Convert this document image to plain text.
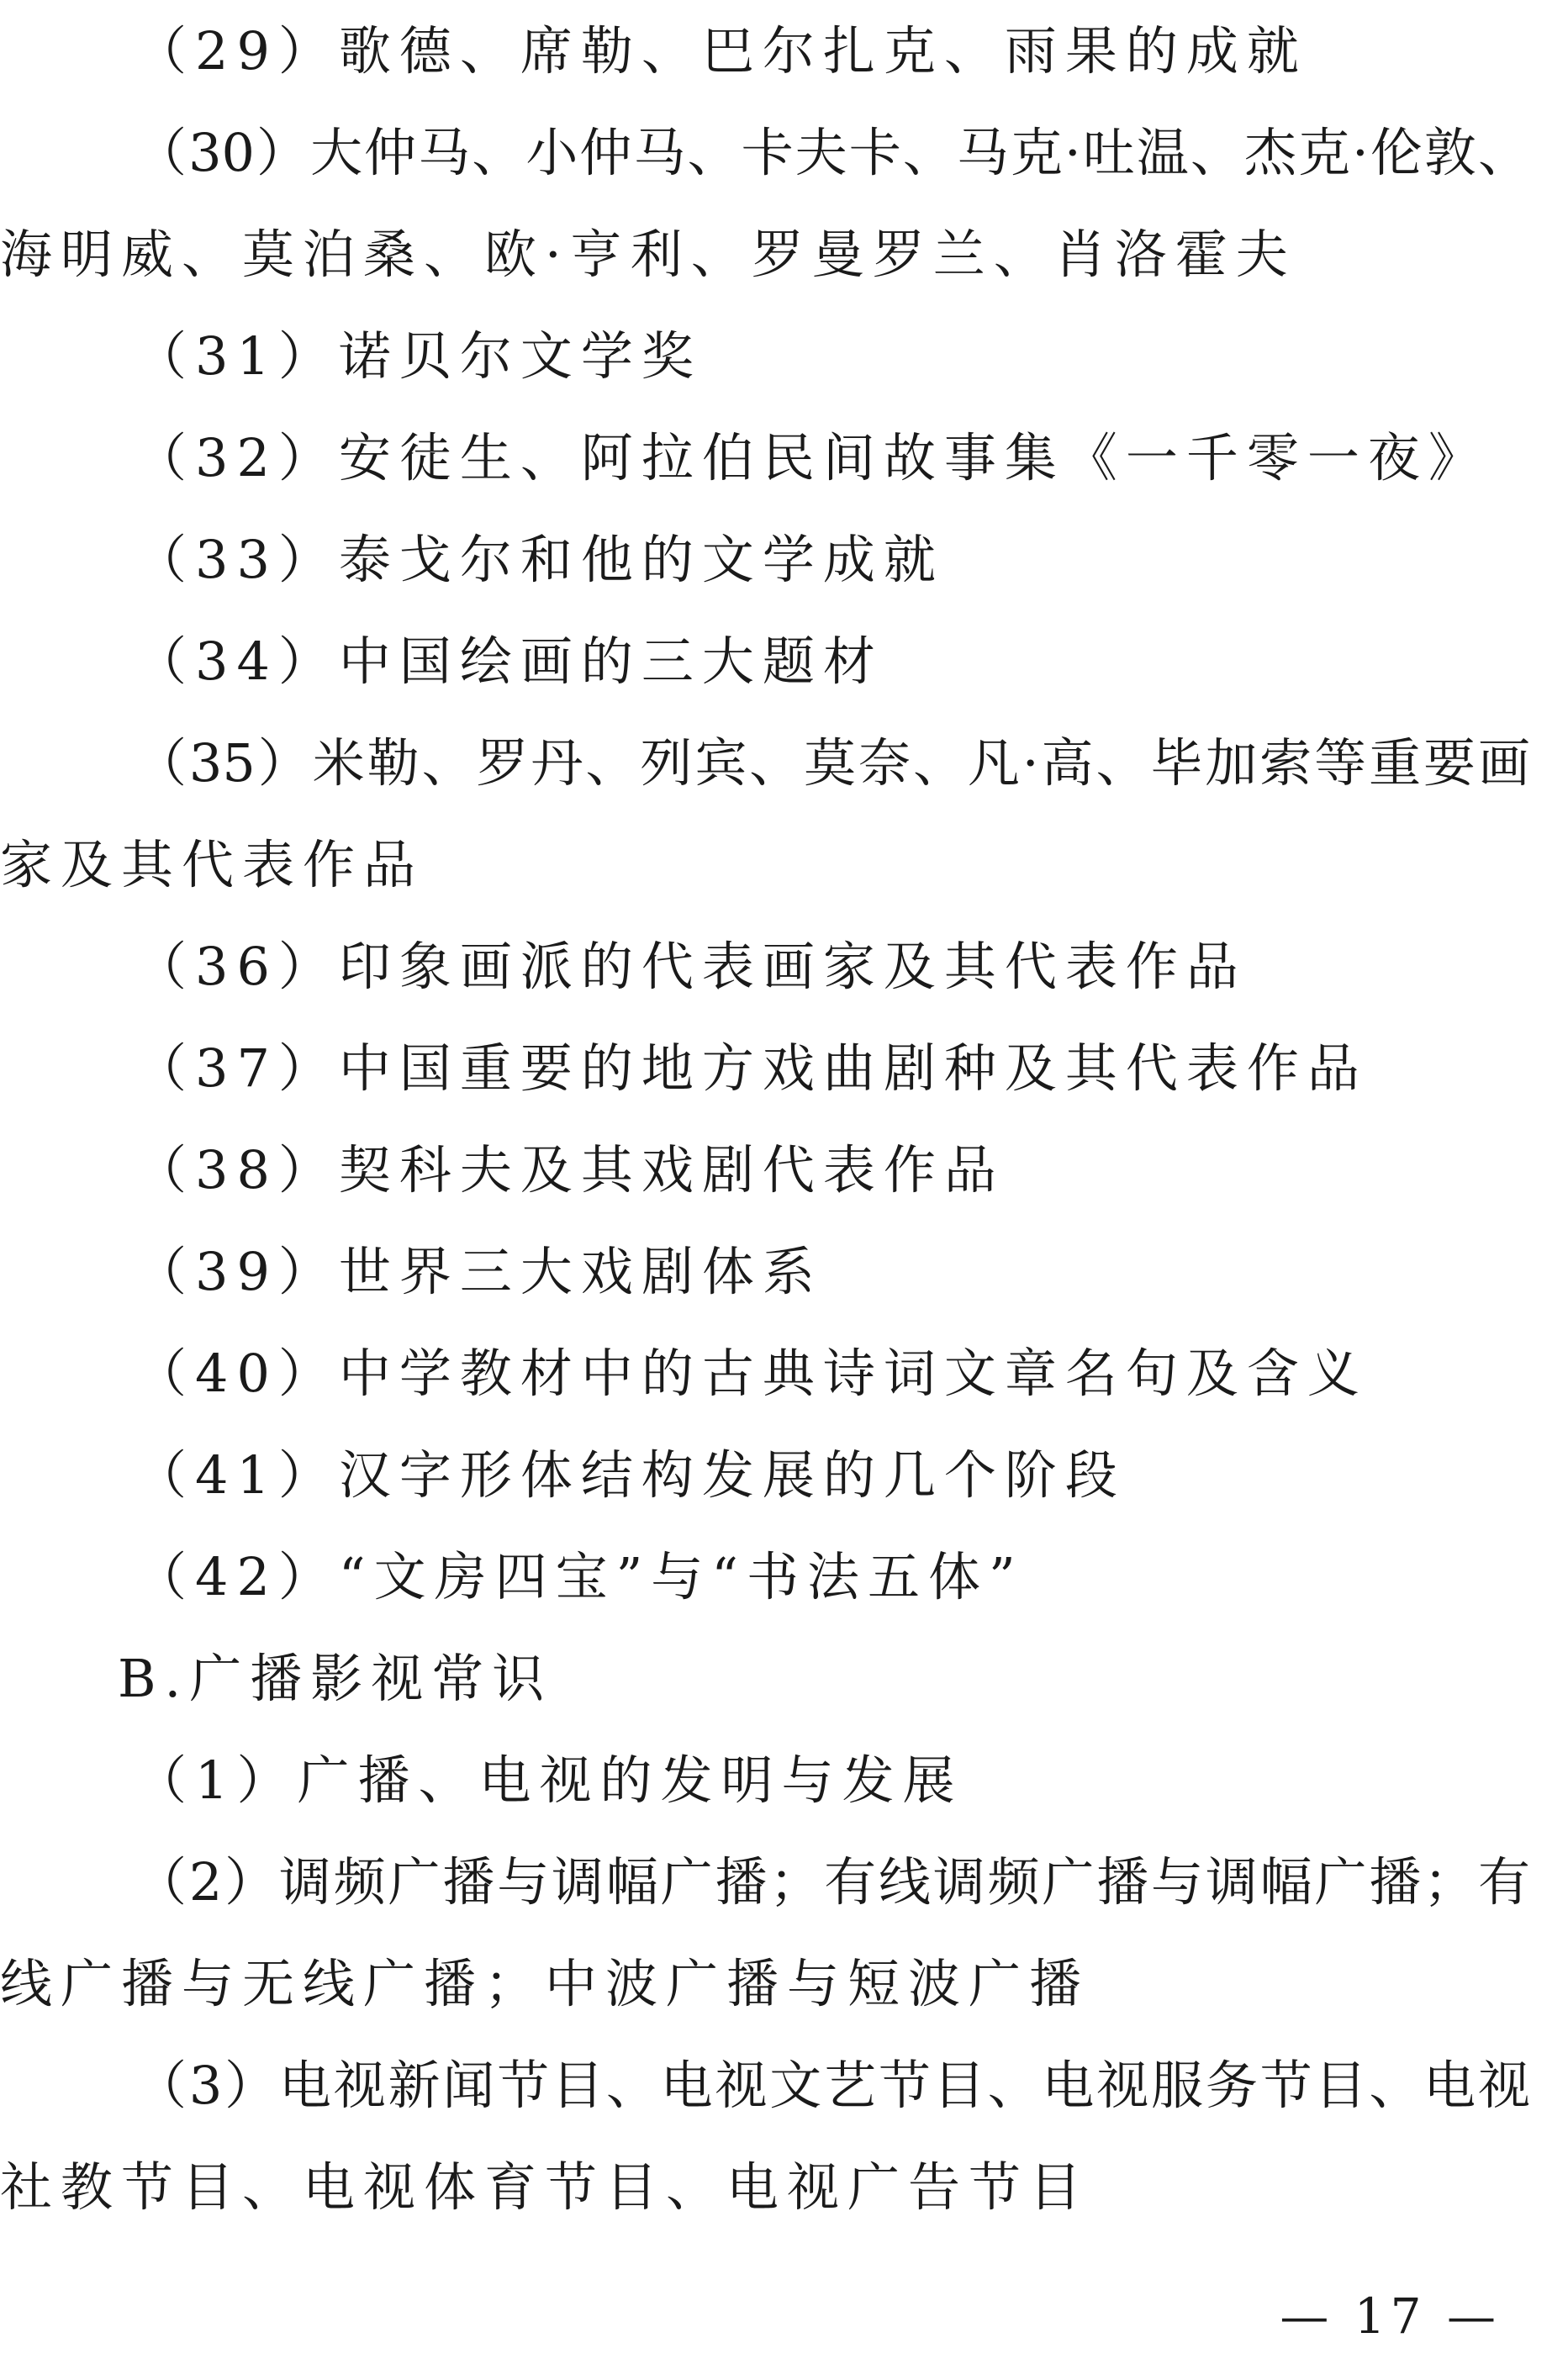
（29）歌德、席勒、巴尔扎克、雨果的成就
（30）大仲马、小仲马、卡夫卡、马克·吐温、杰克·伦敦、
海明威、莫泊桑、欧·亨利、罗曼罗兰、肖洛霍夫
（31）诺贝尔文学奖
（32）安徒生、阿拉伯民间故事集《一千零一夜》
（33）泰戈尔和他的文学成就
（34）中国绘画的三大题材
（35）米勒、罗丹、列宾、莫奈、凡·高、毕加索等重要画
家及其代表作品
（36）印象画派的代表画家及其代表作品
（37）中国重要的地方戏曲剧种及其代表作品
（38）契科夫及其戏剧代表作品
（39）世界三大戏剧体系
（40）中学教材中的古典诗词文章名句及含义
（41）汉字形体结构发展的几个阶段
（42）“文房四宝”与“书法五体”
B.广播影视常识
（1）广播、电视的发明与发展
（2）调频广播与调幅广播；有线调频广播与调幅广播；有
线广播与无线广播；中波广播与短波广播
（3）电视新闻节目、电视文艺节目、电视服务节目、电视
社教节目、电视体育节目、电视广告节目
— 17 —
